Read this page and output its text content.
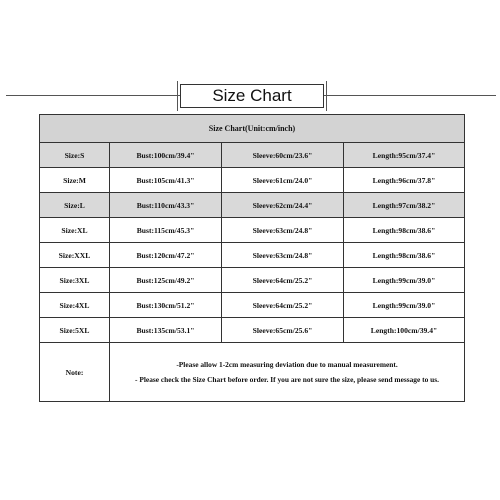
Size Chart
Size Chart(Unit:cm/inch)			
Size:S	Bust:100cm/39.4"	Sleeve:60cm/23.6"	Length:95cm/37.4"
Size:M	Bust:105cm/41.3"	Sleeve:61cm/24.0"	Length:96cm/37.8"
Size:L	Bust:110cm/43.3"	Sleeve:62cm/24.4"	Length:97cm/38.2"
Size:XL	Bust:115cm/45.3"	Sleeve:63cm/24.8"	Length:98cm/38.6"
Size:XXL	Bust:120cm/47.2"	Sleeve:63cm/24.8"	Length:98cm/38.6"
Size:3XL	Bust:125cm/49.2"	Sleeve:64cm/25.2"	Length:99cm/39.0"
Size:4XL	Bust:130cm/51.2"	Sleeve:64cm/25.2"	Length:99cm/39.0"
Size:5XL	Bust:135cm/53.1"	Sleeve:65cm/25.6"	Length:100cm/39.4"
Note:	-Please allow 1-2cm measuring deviation due to manual measurement.
- Please check the Size Chart before order. If you are not sure the size, please send message to us.		
